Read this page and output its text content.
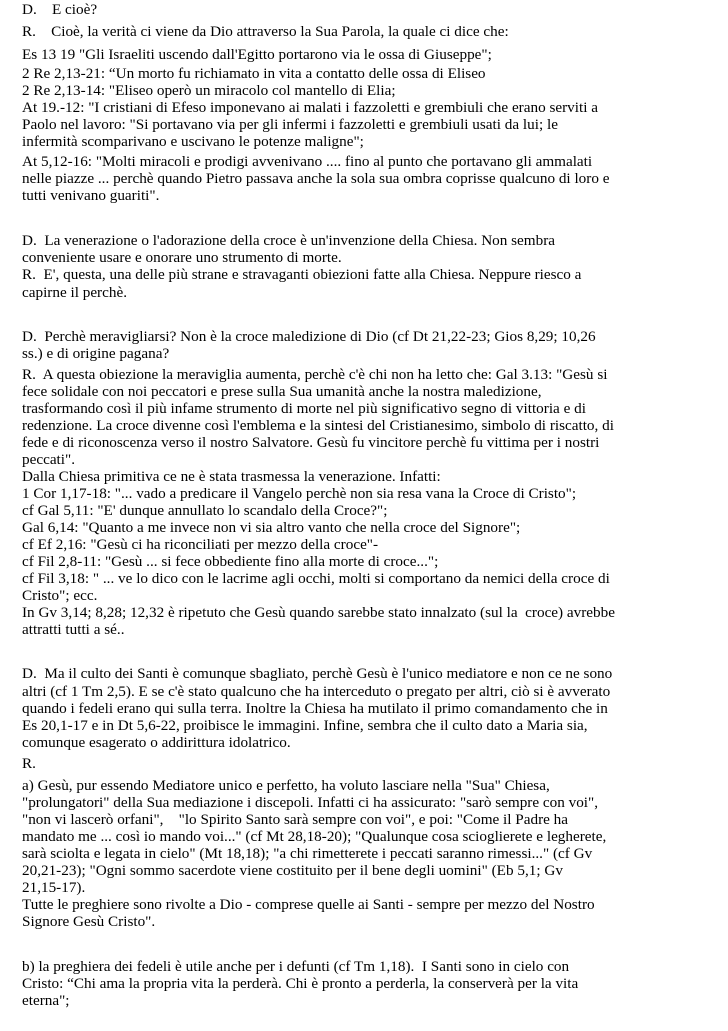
D.    E cioè?
R.    Cioè, la verità ci viene da Dio attraverso la Sua Parola, la quale ci dice che:
Es 13 19 "Gli Israeliti uscendo dall'Egitto portarono via le ossa di Giuseppe";
2 Re 2,13-21: “Un morto fu richiamato in vita a contatto delle ossa di Eliseo
2 Re 2,13-14: "Eliseo operò un miracolo col mantello di Elia;
At 19.-12: "I cristiani di Efeso imponevano ai malati i fazzoletti e grembiuli che erano serviti a
Paolo nel lavoro: "Si portavano via per gli infermi i fazzoletti e grembiuli usati da lui; le
infermità scomparivano e uscivano le potenze maligne";
At 5,12-16: "Molti miracoli e prodigi avvenivano .... fino al punto che portavano gli ammalati
nelle piazze ... perchè quando Pietro passava anche la sola sua ombra coprisse qualcuno di loro e
tutti venivano guariti".
D.  La venerazione o l'adorazione della croce è un'invenzione della Chiesa. Non sembra
conveniente usare e onorare uno strumento di morte.
R.  E', questa, una delle più strane e stravaganti obiezioni fatte alla Chiesa. Neppure riesco a
capirne il perchè.
D.  Perchè meravigliarsi? Non è la croce maledizione di Dio (cf Dt 21,22-23; Gios 8,29; 10,26
ss.) e di origine pagana?
R.  A questa obiezione la meraviglia aumenta, perchè c'è chi non ha letto che: Gal 3.13: "Gesù si
fece solidale con noi peccatori e prese sulla Sua umanità anche la nostra maledizione,
trasformando così il più infame strumento di morte nel più significativo segno di vittoria e di
redenzione. La croce divenne così l'emblema e la sintesi del Cristianesimo, simbolo di riscatto, di
fede e di riconoscenza verso il nostro Salvatore. Gesù fu vincitore perchè fu vittima per i nostri
peccati".
Dalla Chiesa primitiva ce ne è stata trasmessa la venerazione. Infatti:
1 Cor 1,17-18: "... vado a predicare il Vangelo perchè non sia resa vana la Croce di Cristo";
cf Gal 5,11: "E' dunque annullato lo scandalo della Croce?";
Gal 6,14: "Quanto a me invece non vi sia altro vanto che nella croce del Signore";
cf Ef 2,16: "Gesù ci ha riconciliati per mezzo della croce"-
cf Fil 2,8-11: "Gesù ... si fece obbediente fino alla morte di croce...";
cf Fil 3,18: " ... ve lo dico con le lacrime agli occhi, molti si comportano da nemici della croce di
Cristo"; ecc.
In Gv 3,14; 8,28; 12,32 è ripetuto che Gesù quando sarebbe stato innalzato (sul la  croce) avrebbe
attratti tutti a sé..
D.  Ma il culto dei Santi è comunque sbagliato, perchè Gesù è l'unico mediatore e non ce ne sono
altri (cf 1 Tm 2,5). E se c'è stato qualcuno che ha interceduto o pregato per altri, ciò si è avverato
quando i fedeli erano qui sulla terra. Inoltre la Chiesa ha mutilato il primo comandamento che in
Es 20,1-17 e in Dt 5,6-22, proibisce le immagini. Infine, sembra che il culto dato a Maria sia,
comunque esagerato o addirittura idolatrico.
R.
a) Gesù, pur essendo Mediatore unico e perfetto, ha voluto lasciare nella "Sua" Chiesa,
"prolungatori" della Sua mediazione i discepoli. Infatti ci ha assicurato: "sarò sempre con voi",
"non vi lascerò orfani",    "lo Spirito Santo sarà sempre con voi", e poi: "Come il Padre ha
mandato me ... così io mando voi..." (cf Mt 28,18-20); "Qualunque cosa scioglierete e legherete,
sarà sciolta e legata in cielo" (Mt 18,18); "a chi rimetterete i peccati saranno rimessi..." (cf Gv
20,21-23); "Ogni sommo sacerdote viene costituito per il bene degli uomini" (Eb 5,1; Gv
21,15-17).
Tutte le preghiere sono rivolte a Dio - comprese quelle ai Santi - sempre per mezzo del Nostro
Signore Gesù Cristo".
b) la preghiera dei fedeli è utile anche per i defunti (cf Tm 1,18).  I Santi sono in cielo con
Cristo: “Chi ama la propria vita la perderà. Chi è pronto a perderla, la conserverà per la vita
eterna";
